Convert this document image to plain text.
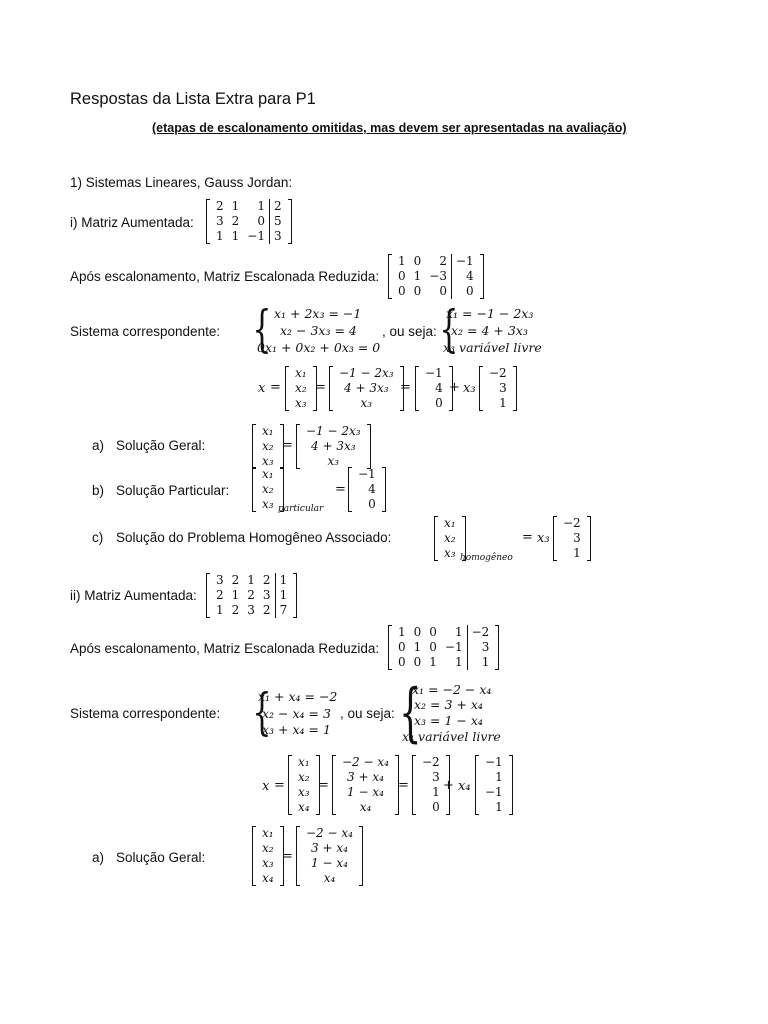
Respostas da Lista Extra para P1
(etapas de escalonamento omitidas, mas devem ser apresentadas na avaliação)
1) Sistemas Lineares, Gauss Jordan:
i) Matriz Aumentada:
2
3
1
1
2
1
1
0
−1
2
5
3
Após escalonamento, Matriz Escalonada Reduzida:
1
0
0
0
1
0
2
−3
0
−1
4
0
Sistema correspondente: { x₁ + 2x₃ = −1
x₂ − 3x₃ = 4
0x₁ + 0x₂ + 0x₃ = 0
, ou seja: {
x₁ = −1 − 2x₃
x₂ = 4 + 3x₃
x₃ variável livre
x =
x₁
x₂
x₃
=
−1 − 2x₃
4 + 3x₃
x₃
=
−1
4
0
+ x₃
−2
3
1
a) Solução Geral:
x₁
x₂
x₃
=
−1 − 2x₃
4 + 3x₃
x₃
b) Solução Particular:
x₁
x₂
x₃ particular
=
−1
4
0
c) Solução do Problema Homogêneo Associado:
x₁
x₂
x₃ homogêneo
= x₃
−2
3
1
ii) Matriz Aumentada:
3
2
1
2
1
2
1
2
3
2
3
2
1
1
7
Após escalonamento, Matriz Escalonada Reduzida:
1
0
0
0
1
0
0
0
1
1
−1
1
−2
3
1
Sistema correspondente: {
x₁ + x₄ = −2
x₂ − x₄ = 3
x₃ + x₄ = 1
, ou seja: {
x₁ = −2 − x₄
x₂ = 3 + x₄
x₃ = 1 − x₄
x₄ variável livre
x =
x₁
x₂
x₃
x₄
=
−2 − x₄
3 + x₄
1 − x₄
x₄
=
−2
3
1
0
+ x₄
−1
1
−1
1
a) Solução Geral:
x₁
x₂
x₃
x₄
=
−2 − x₄
3 + x₄
1 − x₄
x₄
